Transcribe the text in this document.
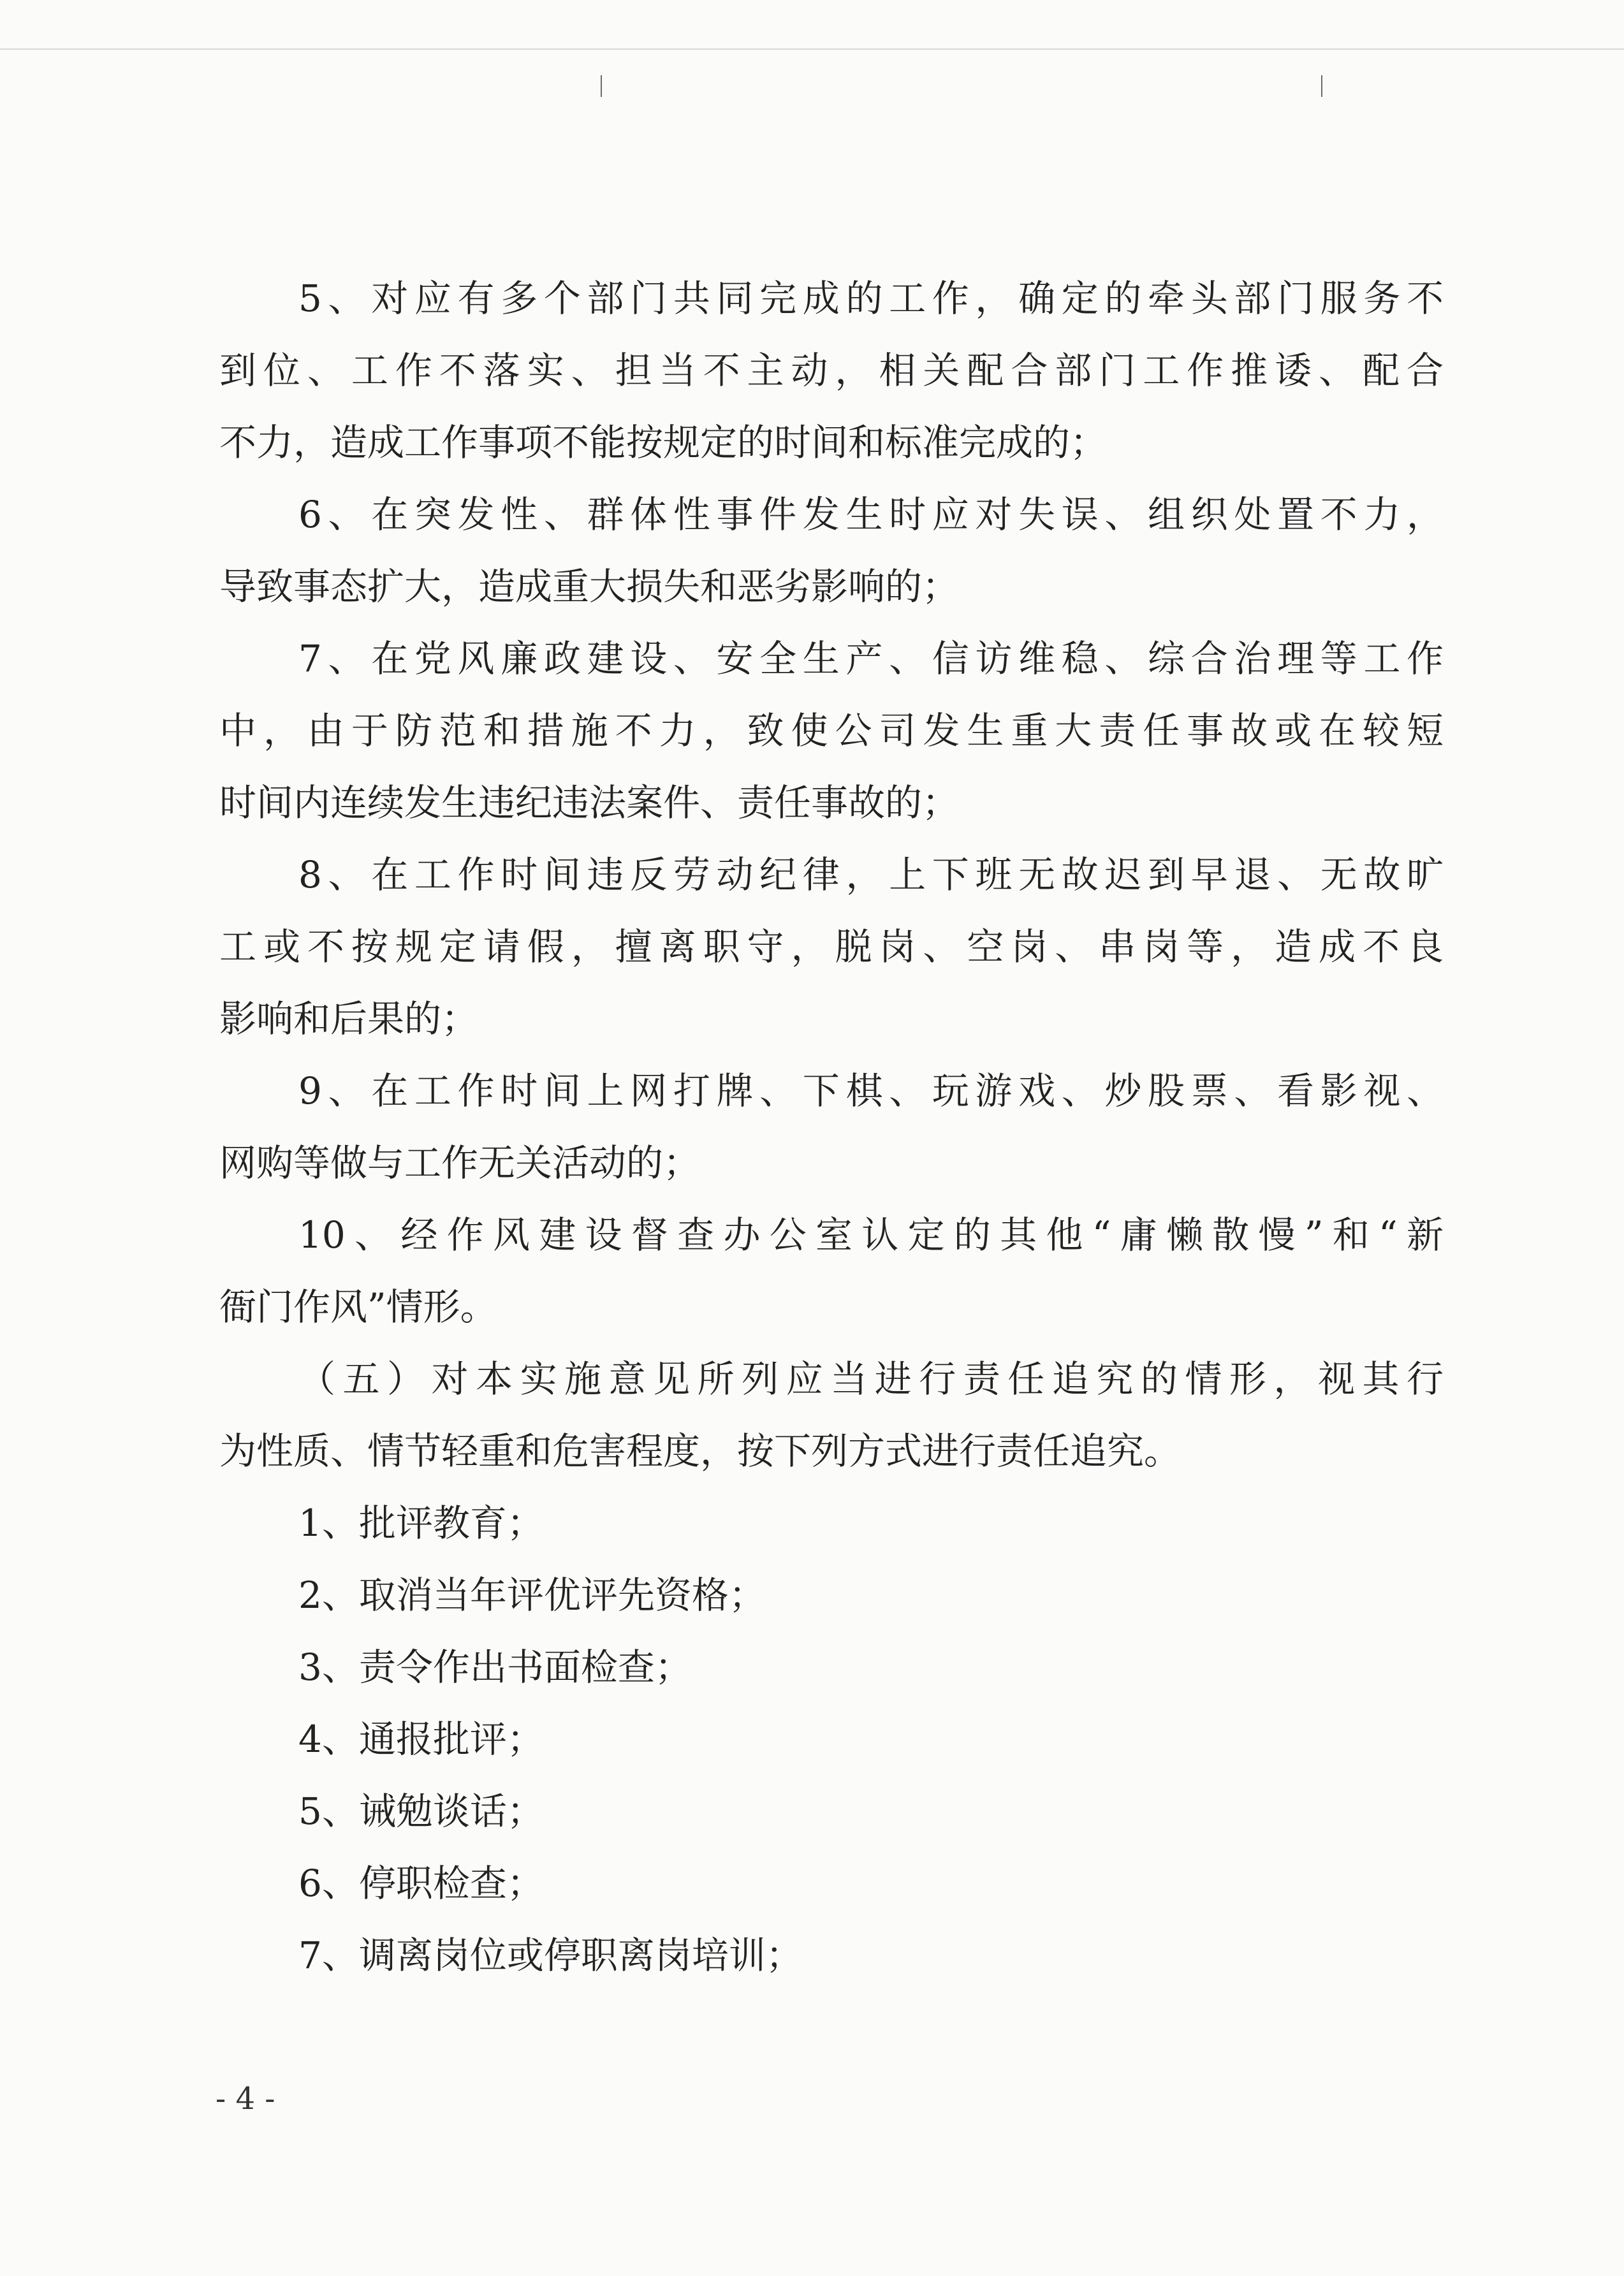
5、对应有多个部门共同完成的工作，确定的牵头部门服务不
到位、工作不落实、担当不主动，相关配合部门工作推诿、配合
不力，造成工作事项不能按规定的时间和标准完成的；
6、在突发性、群体性事件发生时应对失误、组织处置不力，
导致事态扩大，造成重大损失和恶劣影响的；
7、在党风廉政建设、安全生产、信访维稳、综合治理等工作
中，由于防范和措施不力，致使公司发生重大责任事故或在较短
时间内连续发生违纪违法案件、责任事故的；
8、在工作时间违反劳动纪律，上下班无故迟到早退、无故旷
工或不按规定请假，擅离职守，脱岗、空岗、串岗等，造成不良
影响和后果的；
9、在工作时间上网打牌、下棋、玩游戏、炒股票、看影视、
网购等做与工作无关活动的；
10、经作风建设督查办公室认定的其他“庸懒散慢”和“新
衙门作风”情形。
（五）对本实施意见所列应当进行责任追究的情形，视其行
为性质、情节轻重和危害程度，按下列方式进行责任追究。
1、批评教育；
2、取消当年评优评先资格；
3、责令作出书面检查；
4、通报批评；
5、诫勉谈话；
6、停职检查；
7、调离岗位或停职离岗培训；
- 4 -
